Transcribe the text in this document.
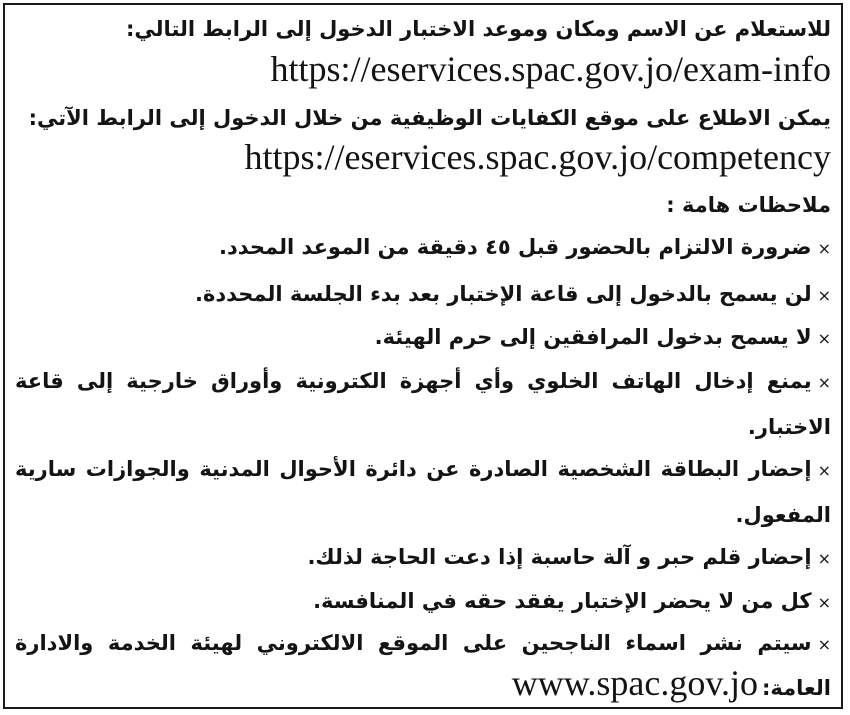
للاستعلام عن الاسم ومكان وموعد الاختبار الدخول إلى الرابط التالي:
https://eservices.spac.gov.jo/exam-info
يمكن الاطلاع على موقع الكفايات الوظيفية من خلال الدخول إلى الرابط الآتي:
https://eservices.spac.gov.jo/competency
ملاحظات هامة :
×ضرورة الالتزام بالحضور قبل ٤٥ دقيقة من الموعد المحدد.
×لن يسمح بالدخول إلى قاعة الإختبار بعد بدء الجلسة المحددة.
×لا يسمح بدخول المرافقين إلى حرم الهيئة.
×يمنع إدخال الهاتف الخلوي وأي أجهزة الكترونية وأوراق خارجية إلى قاعة
الاختبار.
×إحضار البطاقة الشخصية الصادرة عن دائرة الأحوال المدنية والجوازات سارية
المفعول.
×إحضار قلم حبر و آلة حاسبة إذا دعت الحاجة لذلك.
×كل من لا يحضر الإختبار يفقد حقه في المنافسة.
×سيتم نشر اسماء الناجحين على الموقع الالكتروني لهيئة الخدمة والادارة
العامة:www.spac.gov.jo
